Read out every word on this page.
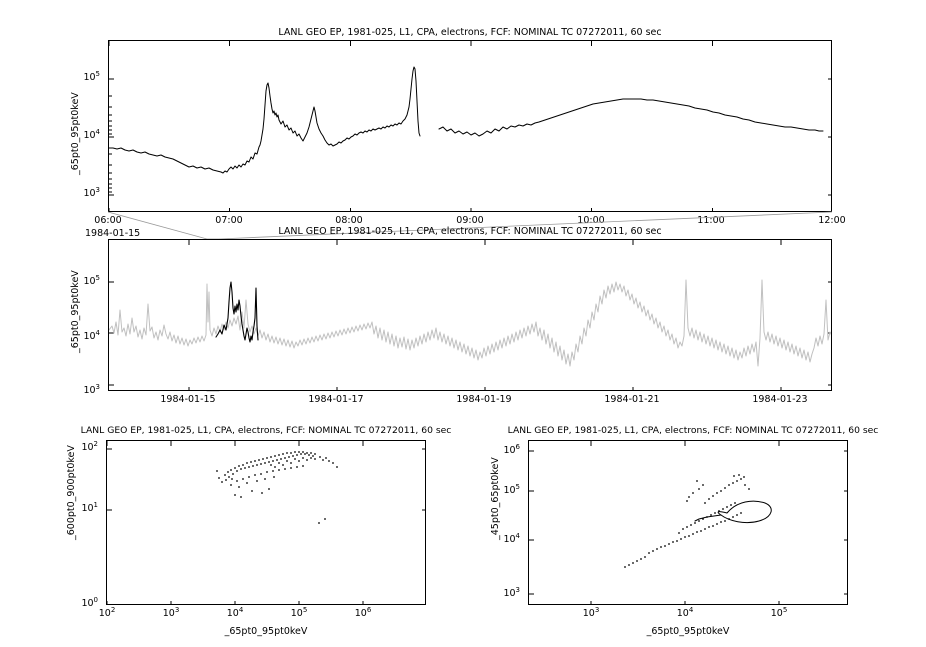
LANL GEO EP, 1981-025, L1, CPA, electrons, FCF: NOMINAL TC 07272011, 60 sec
_65pt0_95pt0keV
$10^5$
$10^4$
$10^3$
06:00	07:00	08:00	09:00	10:00	11:00	12:00
1984-01-15	LANL GEO EP, 1981-025, L1, CPA, electrons, FCF: NOMINAL TC 07272011, 60 sec
_65pt0_95pt0keV $10^5$
$10^4$
$10^3$
1984-01-15	1984-01-17	1984-01-19	1984-01-21	1984-01-23
LANL GEO EP, 1981-025, L1, CPA, electrons, FCF: NOMINAL TC 07272011, 60 sec
_600pt0_900pt0keV $10^2$
$10^1$
$10^0$
$10^2$	$10^3$	$10^4$	$10^5$	$10^6$
_65pt0_95pt0keV
LANL GEO EP, 1981-025, L1, CPA, electrons, FCF: NOMINAL TC 07272011, 60 sec
_45pt0_65pt0keV
$10^6$
$10^5$
$10^4$
$10^3$
$10^3$	$10^4$	$10^5$
_65pt0_95pt0keV
